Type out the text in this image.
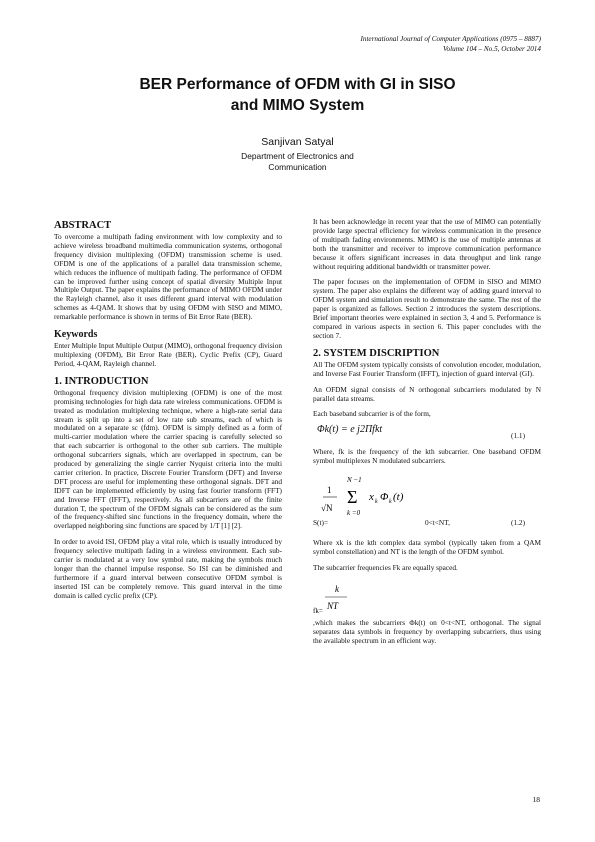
International Journal of Computer Applications (0975 – 8887)
Volume 104 – No.5, October 2014
BER Performance of OFDM with GI in SISO
and MIMO System
Sanjivan Satyal
Department of Electronics and
Communication
ABSTRACT

To overcome a multipath fading environment with low complexity and to achieve wireless broadband multimedia communication systems, orthogonal frequency division multiplexing (OFDM) transmission scheme is used. OFDM is one of the applications of a parallel data transmission scheme, which reduces the influence of multipath fading. The performance of OFDM can be improved further using concept of spatial diversity Multiple Input Multiple Output. The paper explains the performance of MIMO OFDM under the Rayleigh channel, also it uses different guard interval with modulation schemes as 4-QAM. It shows that by using OFDM with SISO and MIMO, remarkable performance is shown in terms of Bit Error Rate (BER).

Keywords

Enter Multiple Input Multiple Output (MIMO), orthogonal frequency division multiplexing (OFDM), Bit Error Rate (BER), Cyclic Prefix (CP), Guard Period, 4-QAM, Rayleigh channel.

1. INTRODUCTION

0rthogonal frequency division multiplexing (OFDM) is one of the most promising technologies for high data rate wireless communications. OFDM is treated as modulation multiplexing technique, where a high-rate serial data stream is split up into a set of low rate sub streams, each of which is modulated on a separate sc (fdm). OFDM is simply defined as a form of multi-carrier modulation where the carrier spacing is carefully selected so that each subcarrier is orthogonal to the other sub carriers. The multiple orthogonal subcarriers signals, which are overlapped in spectrum, can be produced by generalizing the single carrier Nyquist criteria into the multi carrier criterion. In practice, Discrete Fourier Transform (DFT) and Inverse DFT process are useful for implementing these orthogonal signals. DFT and IDFT can be implemented efficiently by using fast fourier transform (FFT) and Inverse FFT (IFFT), respectively. As all subcarriers are of the finite duration T, the spectrum of the OFDM signals can be considered as the sum of the frequency-shifted sinc functions in the frequency domain, where the overlapped neighboring sinc functions are spaced by 1/T [1] [2].

In order to avoid ISI, OFDM play a vital role, which is usually introduced by frequency selective multipath fading in a wireless environment. Each sub-carrier is modulated at a very low symbol rate, making the symbols much longer than the channel impulse response. So ISI can be diminished and furthermore if a guard interval between consecutive OFDM symbol is inserted ISI can be completely remove. This guard interval in the time domain is called cyclic prefix (CP).

It has been acknowledge in recent year that the use of MIMO can potentially provide large spectral efficiency for wireless communication in the presence of multipath fading environments. MIMO is the use of multiple antennas at both the transmitter and receiver to improve communication performance because it offers significant increases in data throughput and link range without requiring additional bandwidth or transmitter power.

The paper focuses on the implementation of OFDM in SISO and MIMO system. The paper also explains the different way of adding guard interval to OFDM system and simulation result to demonstrate the same. The rest of the paper is organized as fallows. Section 2 introduces the system descriptions. Brief important theories were explained in section 3, 4 and 5. Performance is compared in various aspects in section 6. This paper concludes with the section 7.

2. SYSTEM DISCRIPTION

All The OFDM system typically consists of convolution encoder, modulation, and Inverse Fast Fourier Transform (IFFT), injection of guard interval (GI).

An OFDM signal consists of N orthogonal subcarriers modulated by N parallel data streams.

Each baseband subcarrier is of the form,

Φk(t) = e j2Πfkt
(1.1)

Where, fk is the frequency of the kth subcarrier. One baseband OFDM symbol multiplexes N modulated subcarriers.

1
√N
N −1
Σ
k =0
x k Φ k (t)
S(t)=	0<t<NT,	(1.2)

Where xk is the kth complex data symbol (typically taken from a QAM symbol constellation) and NT is the length of the OFDM symbol.

The subcarrier frequencies Fk are equally spaced.

k
NT
fk=

,which makes the subcarriers Φk(t) on 0<t<NT, orthogonal. The signal separates data symbols in frequency by overlapping subcarriers, thus using the available spectrum in an efficient way.

18
